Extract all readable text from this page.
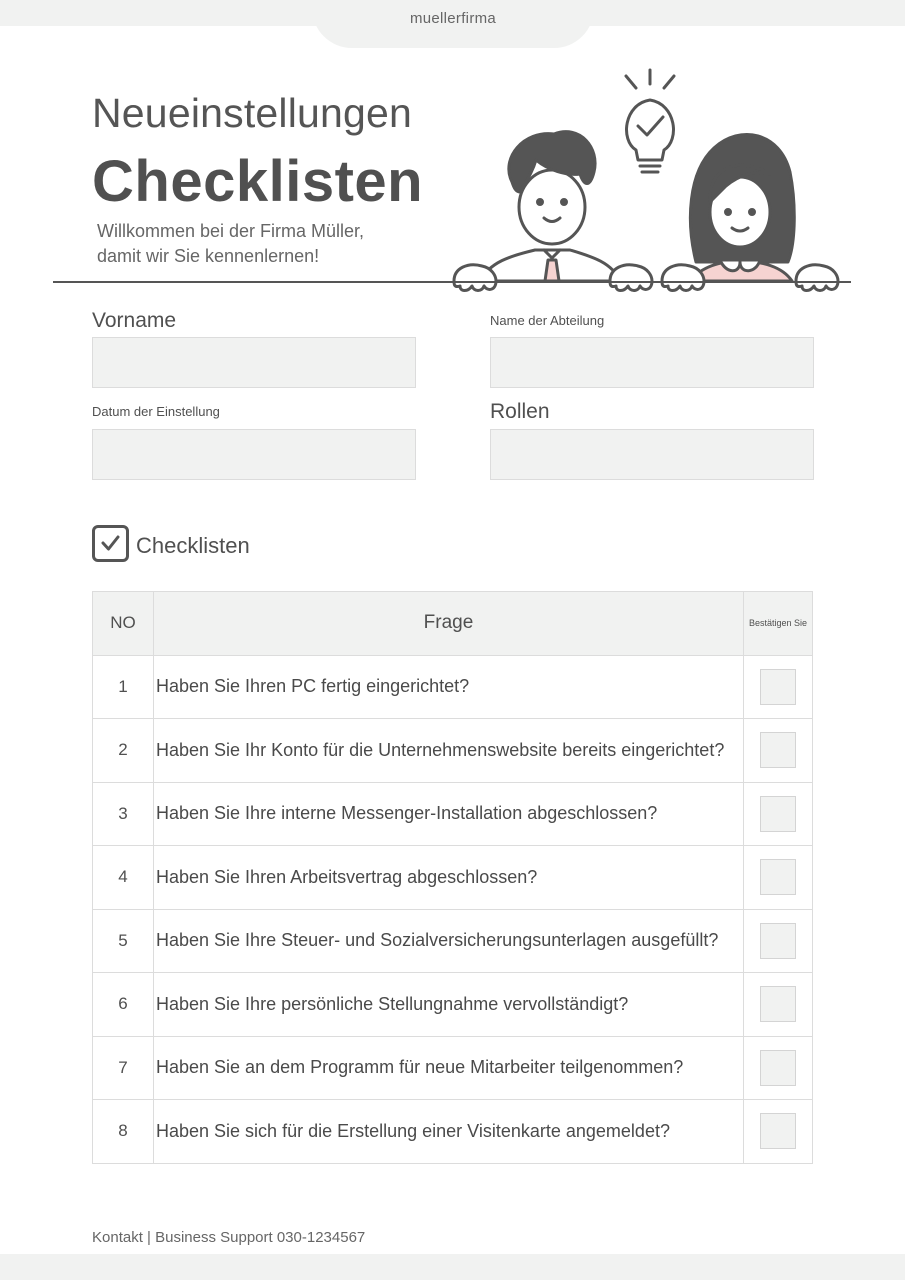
muellerfirma
Neueinstellungen
Checklisten
Willkommen bei der Firma Müller,
damit wir Sie kennenlernen!
Vorname	Name der Abteilung
Datum der Einstellung	Rollen
Checklisten
NO	Frage	Bestätigen Sie
1	Haben Sie Ihren PC fertig eingerichtet?	
2	Haben Sie Ihr Konto für die Unternehmenswebsite bereits eingerichtet?	
3	Haben Sie Ihre interne Messenger-Installation abgeschlossen?	
4	Haben Sie Ihren Arbeitsvertrag abgeschlossen?	
5	Haben Sie Ihre Steuer- und Sozialversicherungsunterlagen ausgefüllt?	
6	Haben Sie Ihre persönliche Stellungnahme vervollständigt?	
7	Haben Sie an dem Programm für neue Mitarbeiter teilgenommen?	
8	Haben Sie sich für die Erstellung einer Visitenkarte angemeldet?	
Kontakt | Business Support 030-1234567
